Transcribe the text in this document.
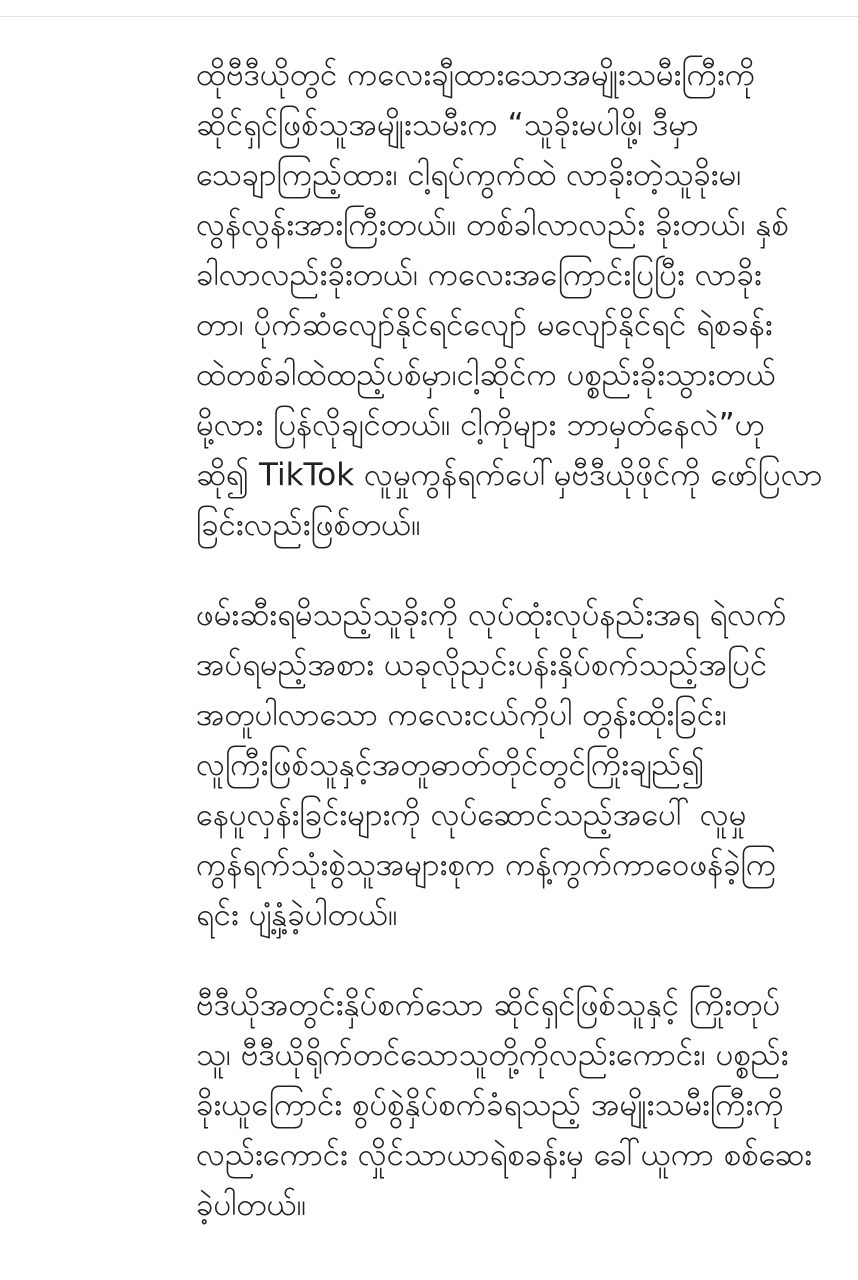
ထိုဗီဒီယိုတွင် ကလေးချီထားသောအမျိုးသမီးကြီးကို
ဆိုင်ရှင်ဖြစ်သူအမျိုးသမီးက “သူခိုးမပါဖို့၊ ဒီမှာ
သေချာကြည့်ထား၊ ငါ့ရပ်ကွက်ထဲ လာခိုးတဲ့သူခိုးမ၊
လွန်လွန်းအားကြီးတယ်။ တစ်ခါလာလည်း ခိုးတယ်၊ နှစ်
ခါလာလည်းခိုးတယ်၊ ကလေးအကြောင်းပြပြီး လာခိုး
တာ၊ ပိုက်ဆံလျော်နိုင်ရင်လျော် မလျော်နိုင်ရင် ရဲစခန်း
ထဲတစ်ခါထဲထည့်ပစ်မှာ၊ငါ့ဆိုင်က ပစ္စည်းခိုးသွားတယ်
မို့လား ပြန်လိုချင်တယ်။ ငါ့ကိုများ ဘာမှတ်နေလဲ”ဟု
ဆို၍ TikTok လူမှုကွန်ရက်ပေါ်မှဗီဒီယိုဖိုင်ကို ဖော်ပြလာ
ခြင်းလည်းဖြစ်တယ်။
ဖမ်းဆီးရမိသည့်သူခိုးကို လုပ်ထုံးလုပ်နည်းအရ ရဲလက်
အပ်ရမည့်အစား ယခုလိုညှင်းပန်းနှိပ်စက်သည့်အပြင်
အတူပါလာသော ကလေးငယ်ကိုပါ တွန်းထိုးခြင်း၊
လူကြီးဖြစ်သူနှင့်အတူဓာတ်တိုင်တွင်ကြိုးချည်၍
နေပူလှန်းခြင်းများကို လုပ်ဆောင်သည့်အပေါ် လူမှု
ကွန်ရက်သုံးစွဲသူအများစုက ကန့်ကွက်ကာဝေဖန်ခဲ့ကြ
ရင်း ပျံ့နှံ့ခဲ့ပါတယ်။
ဗီဒီယိုအတွင်းနှိပ်စက်သော ဆိုင်ရှင်ဖြစ်သူနှင့် ကြိုးတုပ်
သူ၊ ဗီဒီယိုရိုက်တင်သောသူတို့ကိုလည်းကောင်း၊ ပစ္စည်း
ခိုးယူကြောင်း စွပ်စွဲနှိပ်စက်ခံရသည့် အမျိုးသမီးကြီးကို
လည်းကောင်း လှိုင်သာယာရဲစခန်းမှ ခေါ်ယူကာ စစ်ဆေး
ခဲ့ပါတယ်။
